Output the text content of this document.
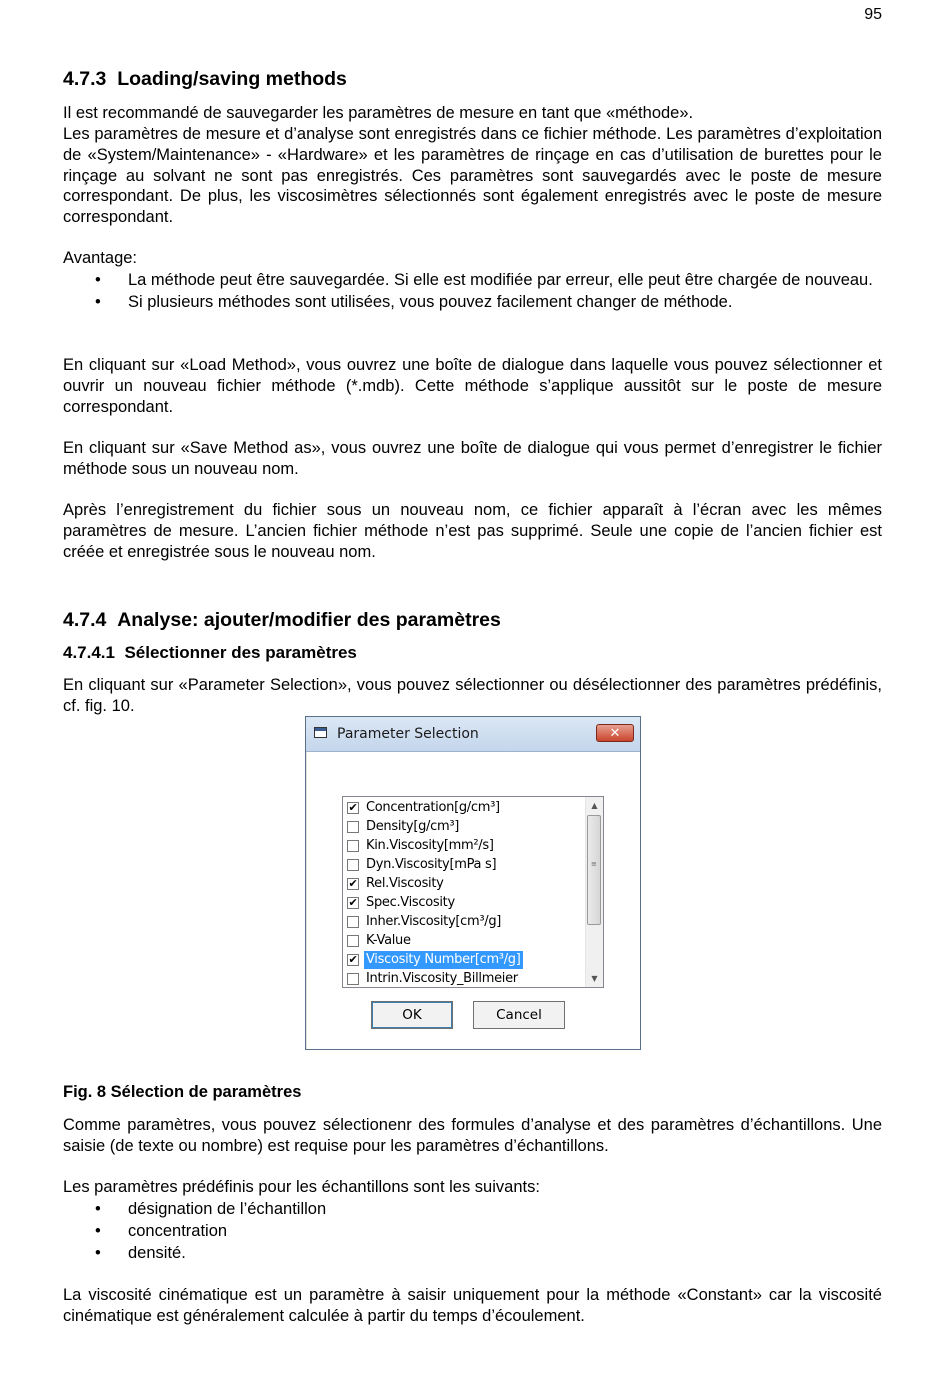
95
4.7.3 Loading/saving methods
Il est recommandé de sauvegarder les paramètres de mesure en tant que «méthode».
Les paramètres de mesure et d’analyse sont enregistrés dans ce fichier méthode. Les paramètres d’exploitation de «System/Maintenance» - «Hardware» et les paramètres de rinçage en cas d’utilisation de burettes pour le rinçage au solvant ne sont pas enregistrés. Ces paramètres sont sauvegardés avec le poste de mesure correspondant. De plus, les viscosimètres sélectionnés sont également enregistrés avec le poste de mesure correspondant.
Avantage:
• La méthode peut être sauvegardée. Si elle est modifiée par erreur, elle peut être chargée de nouveau.
• Si plusieurs méthodes sont utilisées, vous pouvez facilement changer de méthode.
En cliquant sur «Load Method», vous ouvrez une boîte de dialogue dans laquelle vous pouvez sélectionner et ouvrir un nouveau fichier méthode (*.mdb). Cette méthode s’applique aussitôt sur le poste de mesure correspondant.
En cliquant sur «Save Method as», vous ouvrez une boîte de dialogue qui vous permet d’enregistrer le fichier méthode sous un nouveau nom.
Après l’enregistrement du fichier sous un nouveau nom, ce fichier apparaît à l’écran avec les mêmes paramètres de mesure. L’ancien fichier méthode n’est pas supprimé. Seule une copie de l’ancien fichier est créée et enregistrée sous le nouveau nom.
4.7.4 Analyse: ajouter/modifier des paramètres
4.7.4.1 Sélectionner des paramètres
En cliquant sur «Parameter Selection», vous pouvez sélectionner ou désélectionner des paramètres prédéfinis, cf. fig. 10.
Fig. 8 Sélection de paramètres
Comme paramètres, vous pouvez sélectionenr des formules d’analyse et des paramètres d’échantillons. Une saisie (de texte ou nombre) est requise pour les paramètres d’échantillons.
Les paramètres prédéfinis pour les échantillons sont les suivants:
• désignation de l’échantillon
• concentration
• densité.
La viscosité cinématique est un paramètre à saisir uniquement pour la méthode «Constant» car la viscosité cinématique est généralement calculée à partir du temps d’écoulement.
Parameter Selection	✕
✔ Concentration[g/cm³]
Density[g/cm³]
Kin.Viscosity[mm²/s]
Dyn.Viscosity[mPa s]
✔ Rel.Viscosity
✔ Spec.Viscosity
Inher.Viscosity[cm³/g]
K-Value
✔ Viscosity Number[cm³/g]
Intrin.Viscosity_Billmeier
▲
≡
▼
OK	Cancel
